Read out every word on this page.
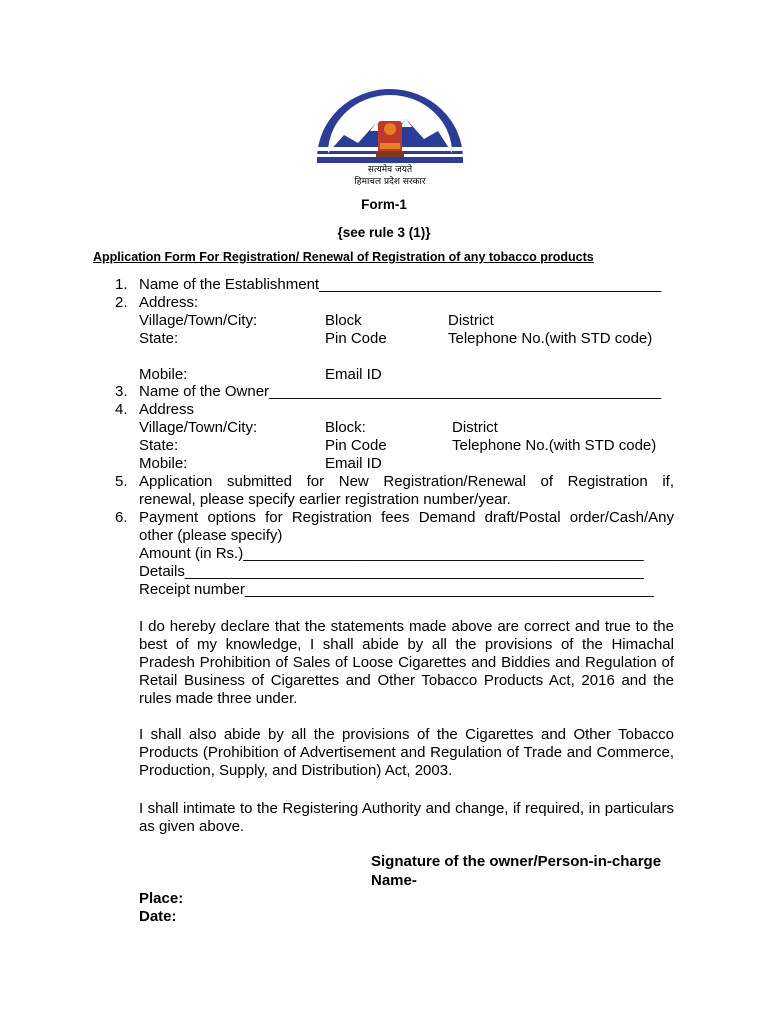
सत्यमेव जयते
हिमाचल प्रदेश सरकार
Form-1
{see rule 3 (1)}
Application Form For Registration/ Renewal of Registration of any tobacco products
1. Name of the Establishment_________________________________________
2. Address:
Village/Town/City:	Block	District
State:	Pin Code	Telephone No.(with STD code)
Mobile:	Email ID
3. Name of the Owner_______________________________________________
4. Address
Village/Town/City:	Block:	District
State:	Pin Code	Telephone No.(with STD code)
Mobile:	Email ID
5. Application submitted for New Registration/Renewal of Registration if,
renewal, please specify earlier registration number/year.
6. Payment options for Registration fees Demand draft/Postal order/Cash/Any
other (please specify)
Amount (in Rs.)________________________________________________
Details_______________________________________________________
Receipt number_________________________________________________
I do hereby declare that the statements made above are correct and true to the best of my knowledge, I shall abide by all the provisions of the Himachal Pradesh Prohibition of Sales of Loose Cigarettes and Biddies and Regulation of Retail Business of Cigarettes and Other Tobacco Products Act, 2016 and the rules made three under.
I shall also abide by all the provisions of the Cigarettes and Other Tobacco Products (Prohibition of Advertisement and Regulation of Trade and Commerce, Production, Supply, and Distribution) Act, 2003.
I shall intimate to the Registering Authority and change, if required, in particulars as given above.
Signature of the owner/Person-in-charge
Name-
Place:
Date:
